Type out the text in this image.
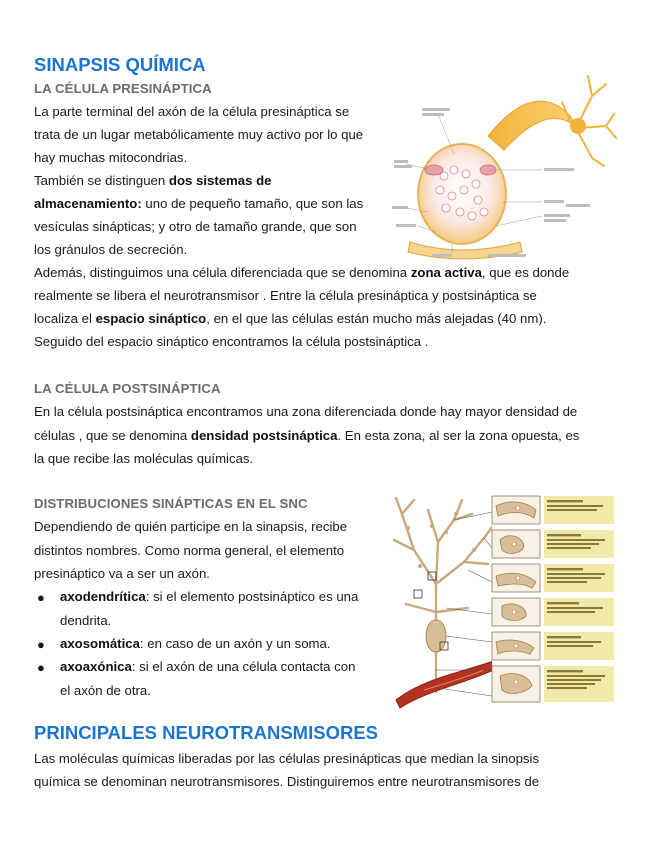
SINAPSIS QUÍMICA
LA CÉLULA PRESINÁPTICA
La parte terminal del axón de la célula presináptica se
trata de un lugar metabólicamente muy activo por lo que
hay muchas mitocondrias.
También se distinguen dos sistemas de
almacenamiento: uno de pequeño tamaño, que son las
vesículas sinápticas; y otro de tamaño grande, que son
los gránulos de secreción.
Además, distinguimos una célula diferenciada que se denomina zona activa, que es donde
realmente se libera el neurotransmisor . Entre la célula presináptica y postsináptica se
localiza el espacio sináptico, en el que las células están mucho más alejadas (40 nm).
Seguido del espacio sináptico encontramos la célula postsináptica .
LA CÉLULA POSTSINÁPTICA
En la célula postsináptica encontramos una zona diferenciada donde hay mayor densidad de
células , que se denomina densidad postsináptica. En esta zona, al ser la zona opuesta, es
la que recibe las moléculas químicas.
DISTRIBUCIONES SINÁPTICAS EN EL SNC
Dependiendo de quién participe en la sinapsis, recibe
distintos nombres. Como norma general, el elemento
presináptico va a ser un axón.
● axodendrítica: si el elemento postsináptico es una
dendrita.
● axosomática: en caso de un axón y un soma.
● axoaxónica: si el axón de una célula contacta con
el axón de otra.
PRINCIPALES NEUROTRANSMISORES
Las moléculas químicas liberadas por las células presinápticas que median la sinopsis
química se denominan neurotransmisores. Distinguiremos entre neurotransmisores de
